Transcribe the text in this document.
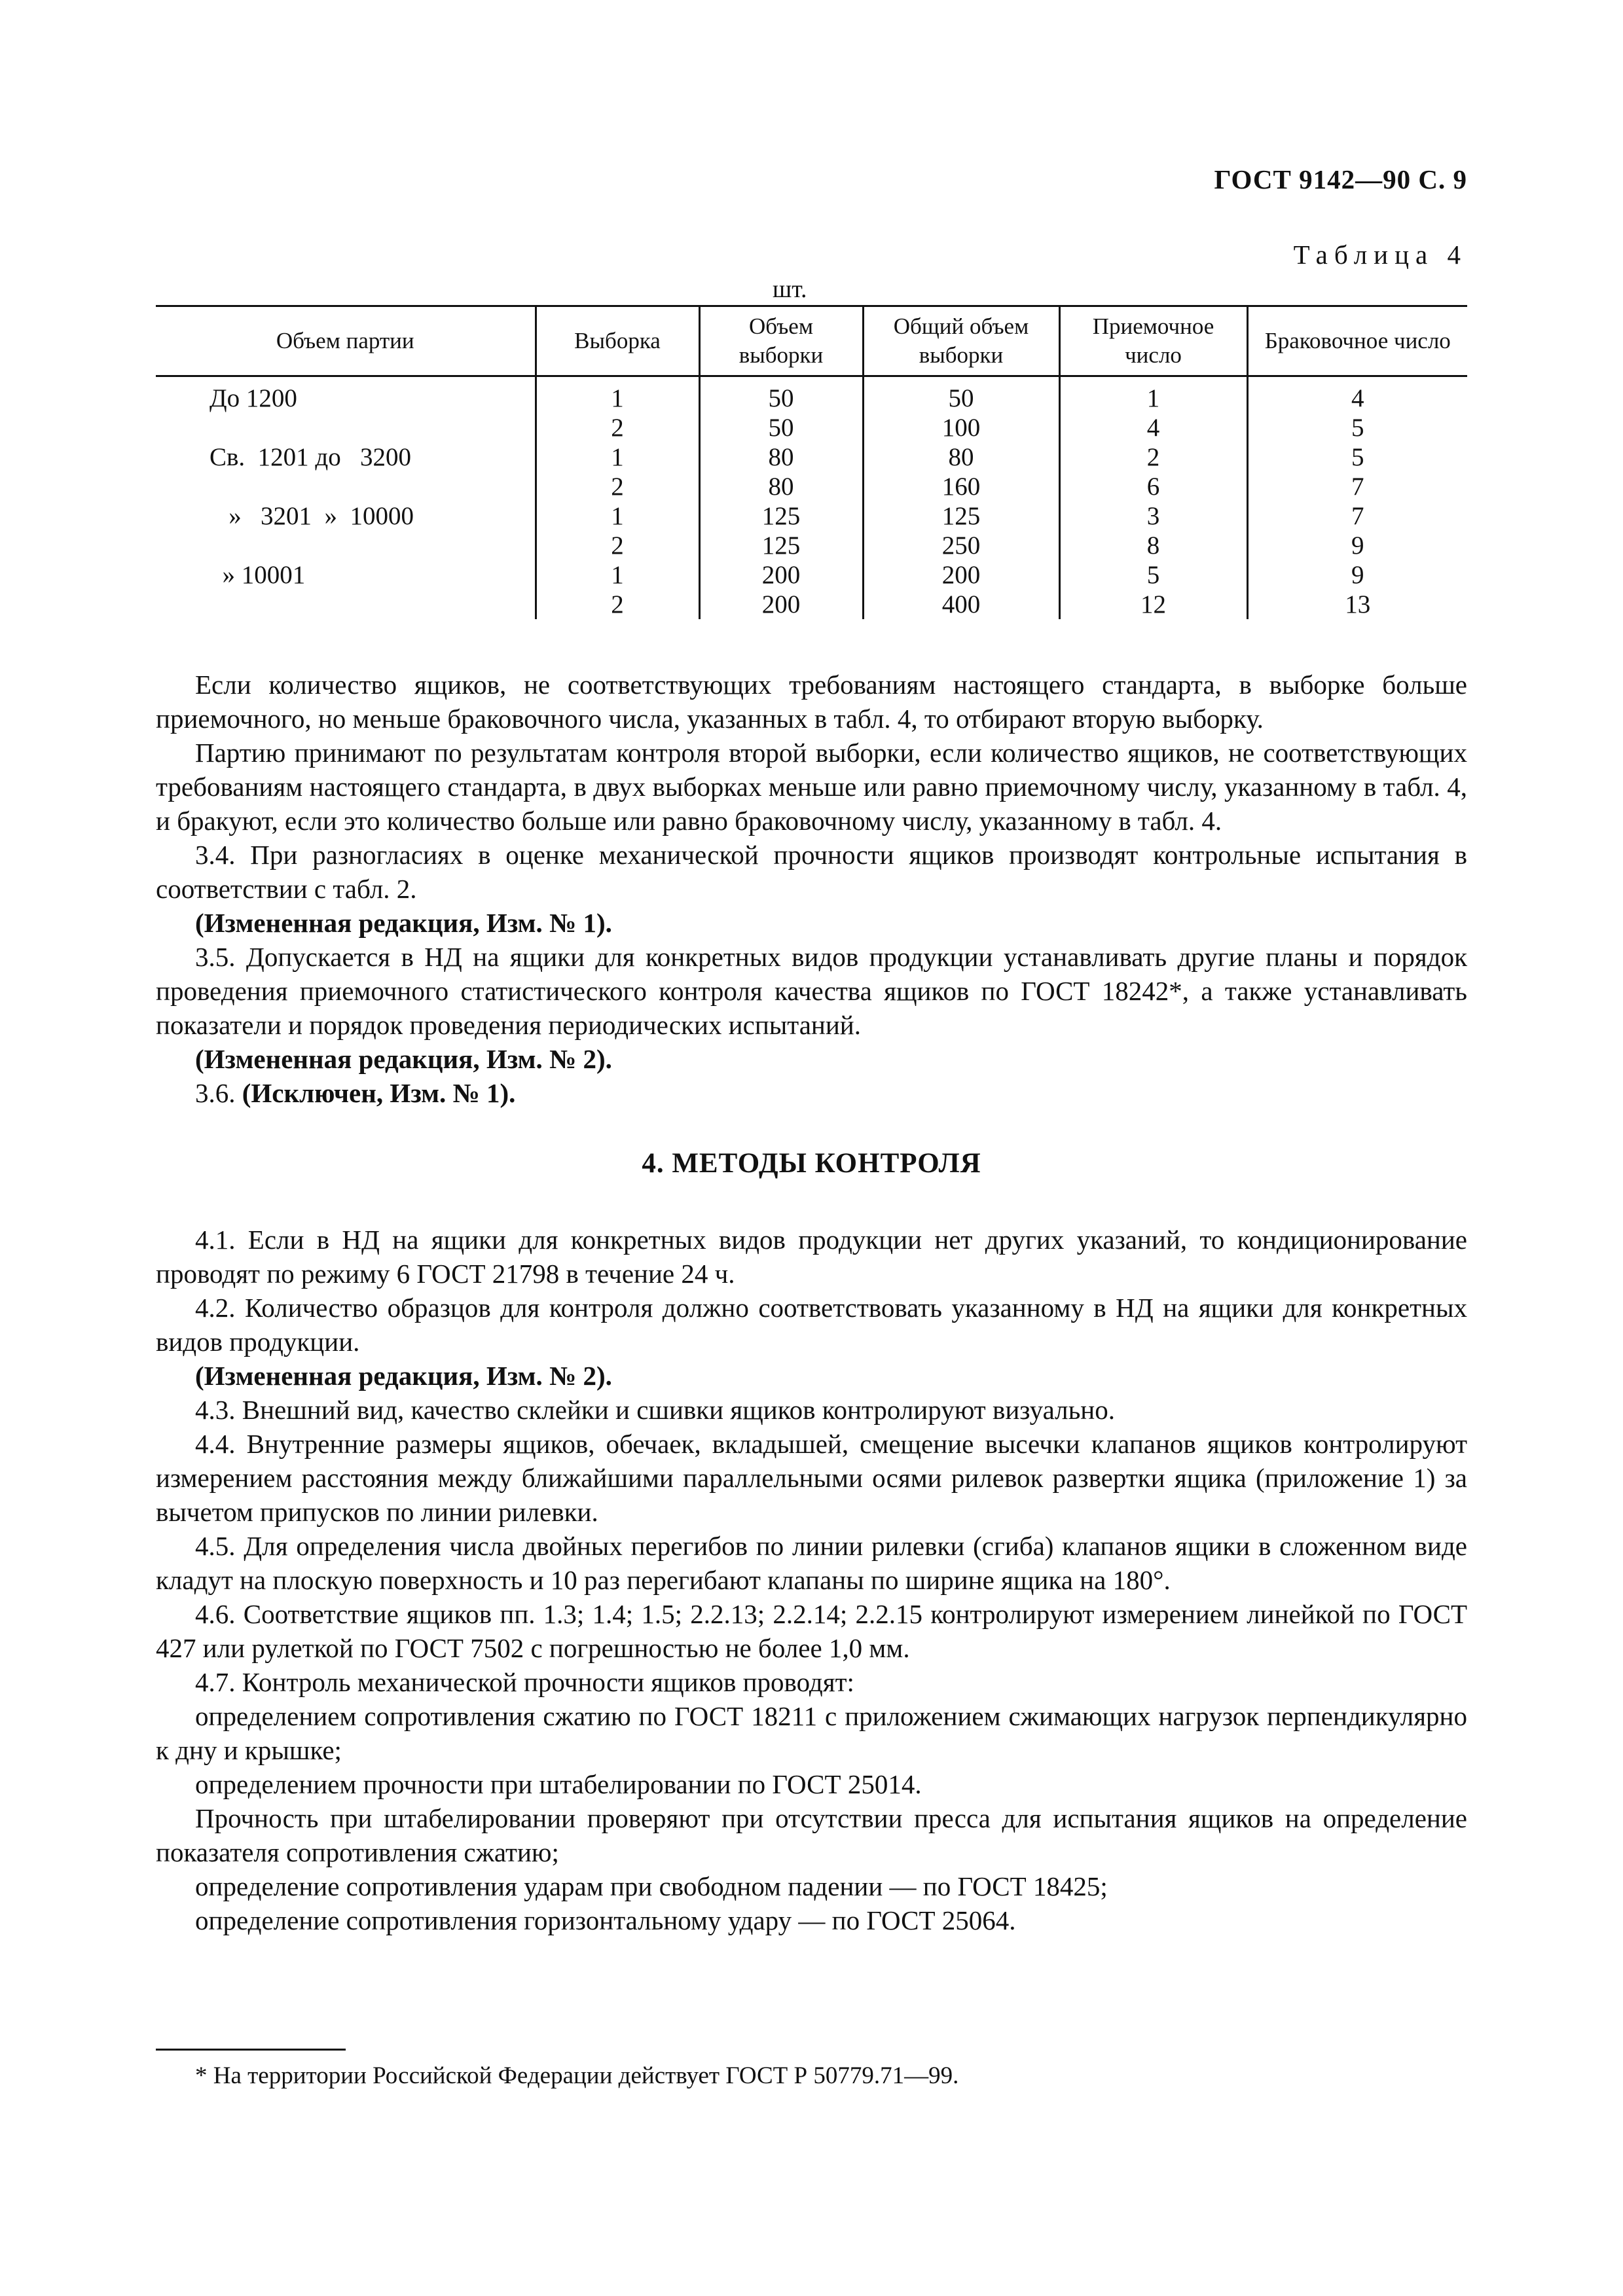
ГОСТ 9142—90 С. 9
Таблица 4
шт.
Объем партии	Выборка	Объем выборки	Общий объем выборки	Приемочное число	Браковочное число
До 1200	1	50	50	1	4
	2	50	100	4	5
Св.  1201 до   3200	1	80	80	2	5
	2	80	160	6	7
»   3201  »  10000	1	125	125	3	7
	2	125	250	8	9
» 10001	1	200	200	5	9
	2	200	400	12	13

Если количество ящиков, не соответствующих требованиям настоящего стандарта, в выборке больше приемочного, но меньше браковочного числа, указанных в табл. 4, то отбирают вторую выборку.

Партию принимают по результатам контроля второй выборки, если количество ящиков, не соответствующих требованиям настоящего стандарта, в двух выборках меньше или равно приемочному числу, указанному в табл. 4, и бракуют, если это количество больше или равно браковочному числу, указанному в табл. 4.

3.4. При разногласиях в оценке механической прочности ящиков производят контрольные испытания в соответствии с табл. 2.

(Измененная редакция, Изм. № 1).

3.5. Допускается в НД на ящики для конкретных видов продукции устанавливать другие планы и порядок проведения приемочного статистического контроля качества ящиков по ГОСТ 18242*, а также устанавливать показатели и порядок проведения периодических испытаний.

(Измененная редакция, Изм. № 2).

3.6. (Исключен, Изм. № 1).

4. МЕТОДЫ КОНТРОЛЯ

4.1. Если в НД на ящики для конкретных видов продукции нет других указаний, то кондиционирование проводят по режиму 6 ГОСТ 21798 в течение 24 ч.

4.2. Количество образцов для контроля должно соответствовать указанному в НД на ящики для конкретных видов продукции.

(Измененная редакция, Изм. № 2).

4.3. Внешний вид, качество склейки и сшивки ящиков контролируют визуально.

4.4. Внутренние размеры ящиков, обечаек, вкладышей, смещение высечки клапанов ящиков контролируют измерением расстояния между ближайшими параллельными осями рилевок развертки ящика (приложение 1) за вычетом припусков по линии рилевки.

4.5. Для определения числа двойных перегибов по линии рилевки (сгиба) клапанов ящики в сложенном виде кладут на плоскую поверхность и 10 раз перегибают клапаны по ширине ящика на 180°.

4.6. Соответствие ящиков пп. 1.3; 1.4; 1.5; 2.2.13; 2.2.14; 2.2.15 контролируют измерением линейкой по ГОСТ 427 или рулеткой по ГОСТ 7502 с погрешностью не более 1,0 мм.

4.7. Контроль механической прочности ящиков проводят:

определением сопротивления сжатию по ГОСТ 18211 с приложением сжимающих нагрузок перпендикулярно к дну и крышке;

определением прочности при штабелировании по ГОСТ 25014.

Прочность при штабелировании проверяют при отсутствии пресса для испытания ящиков на определение показателя сопротивления сжатию;

определение сопротивления ударам при свободном падении — по ГОСТ 18425;

определение сопротивления горизонтальному удару — по ГОСТ 25064.

* На территории Российской Федерации действует ГОСТ Р 50779.71—99.
